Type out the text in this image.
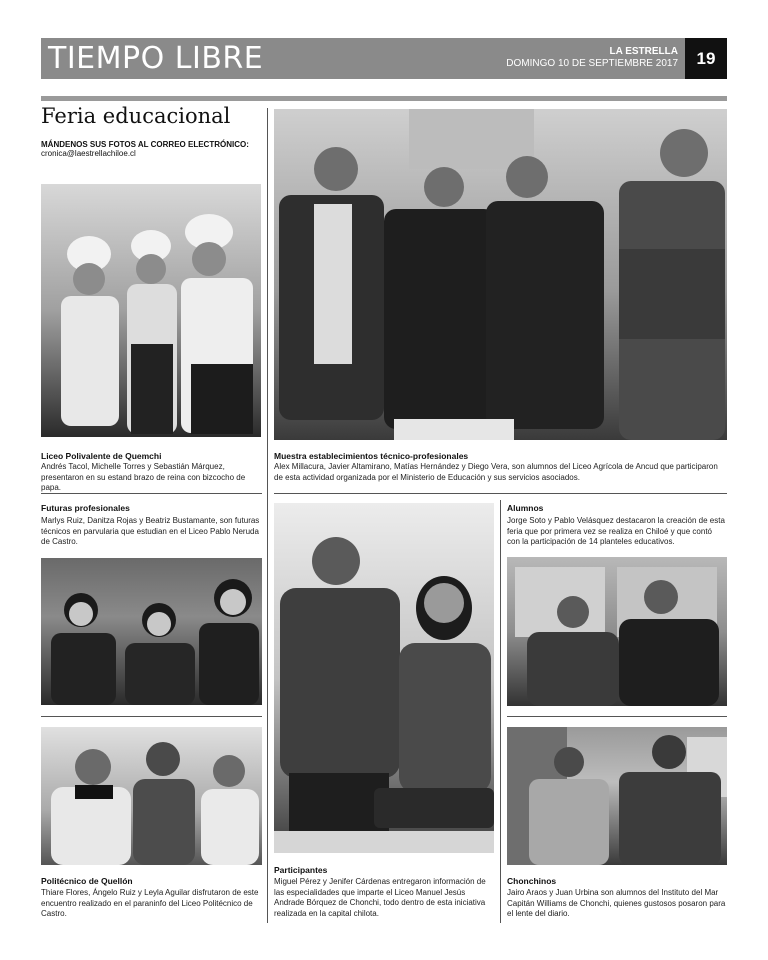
TIEMPO LIBRE	LA ESTRELLA
DOMINGO 10 DE SEPTIEMBRE 2017	19
Feria educacional
MÁNDENOS SUS FOTOS AL CORREO ELECTRÓNICO:
cronica@laestrellachiloe.cl
Liceo Polivalente de Quemchi
Andrés Tacol, Michelle Torres y Sebastián Márquez, presentaron en su estand brazo de reina con bizcocho de papa.
Muestra establecimientos técnico-profesionales
Alex Millacura, Javier Altamirano, Matías Hernández y Diego Vera, son alumnos del Liceo Agrícola de Ancud que participaron de esta actividad organizada por el Ministerio de Educación y sus servicios asociados.
Futuras profesionales
Marlys Ruiz, Danitza Rojas y Beatriz Bustamante, son futuras técnicos en parvularia que estudian en el Liceo Pablo Neruda de Castro.
Alumnos
Jorge Soto y Pablo Velásquez destacaron la creación de esta feria que por primera vez se realiza en Chiloé y que contó con la participación de 14 planteles educativos.
Politécnico de Quellón
Thiare Flores, Ángelo Ruiz y Leyla Aguilar disfrutaron de este encuentro realizado en el paraninfo del Liceo Politécnico de Castro.
Participantes
Miguel Pérez y Jenifer Cárdenas entregaron información de las especialidades que imparte el Liceo Manuel Jesús Andrade Bórquez de Chonchi, todo dentro de esta iniciativa realizada en la capital chilota.
Chonchinos
Jairo Araos y Juan Urbina son alumnos del Instituto del Mar Capitán Williams de Chonchi, quienes gustosos posaron para el lente del diario.
